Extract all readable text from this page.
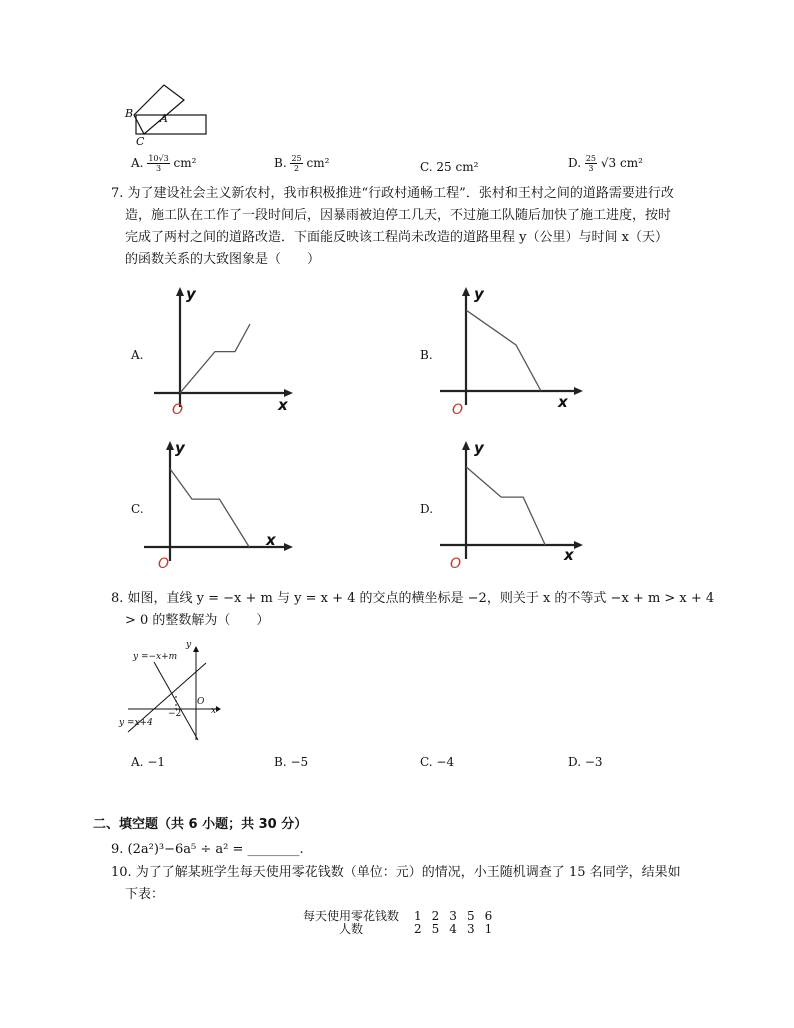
B A
C
A. $\frac{10√3}{3} cm^2$	B. $\frac{25}{2} cm^2$	C. 25 cm²	D. $\frac{25}{3} √3$ cm²
7. 为了建设社会主义新农村，我市积极推进“行政村通畅工程”．张村和王村之间的道路需要进行改
造，施工队在工作了一段时间后，因暴雨被迫停工几天，不过施工队随后加快了施工进度，按时
完成了两村之间的道路改造．下面能反映该工程尚未改造的道路里程 y（公里）与时间 x（天）
的函数关系的大致图象是（　　）
A.
y
x
O
B.
y
x
O
C.
y
x
O
D.
y
x
O
8. 如图，直线 y = −x + m 与 y = x + 4 的交点的横坐标是 −2，则关于 x 的不等式 −x + m > x + 4
> 0 的整数解为（　　）
y =−x+m
y =x+4
y
x
O
−2
A. −1	B. −5	C. −4	D. −3
二、填空题（共 6 小题；共 30 分）
9. (2a²)³−6a⁵ ÷ a² = ________.
10. 为了了解某班学生每天使用零花钱数（单位：元）的情况，小王随机调查了 15 名同学，结果如
下表：
每天使用零花钱数	1	2	3	5	6
人数	2	5	4	3	1
